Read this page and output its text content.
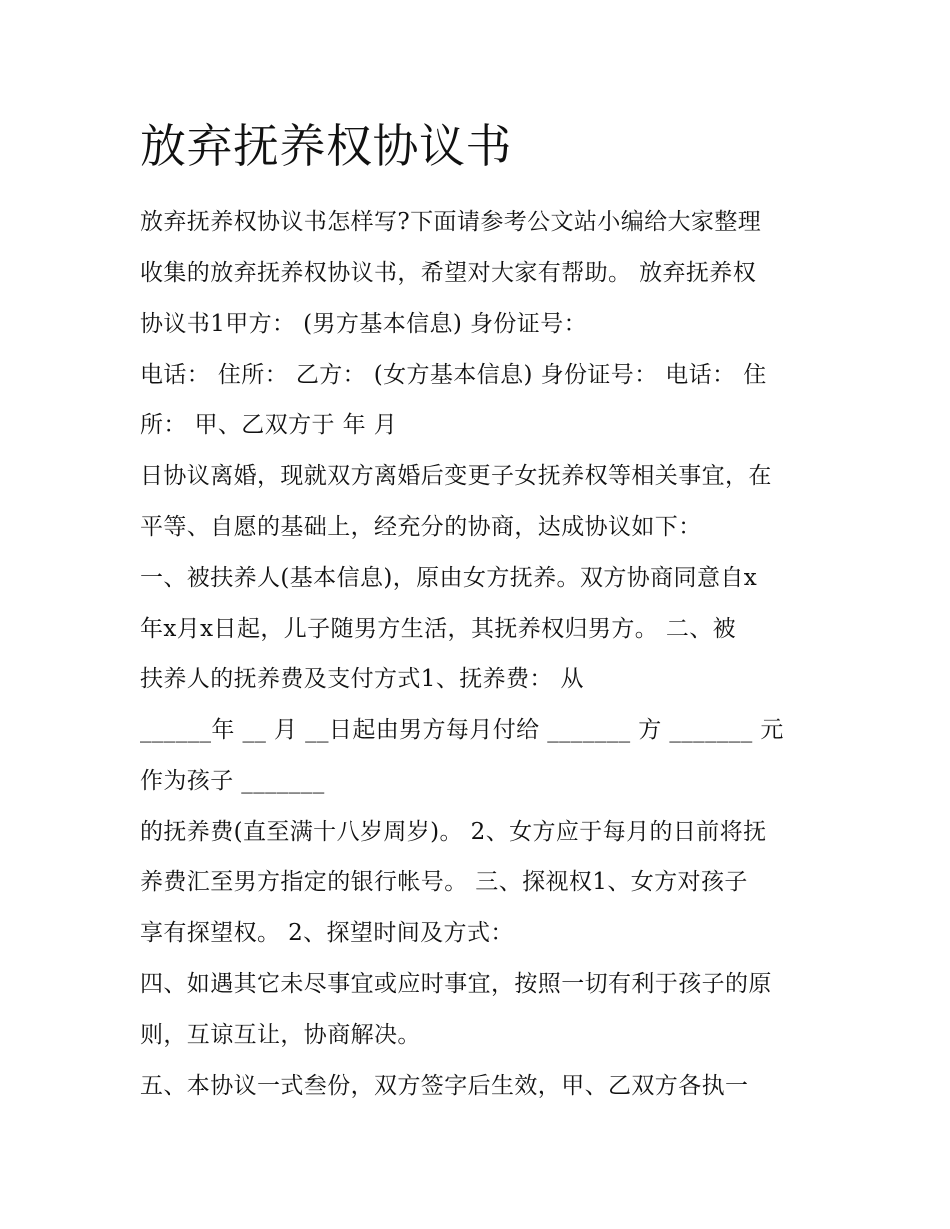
放弃抚养权协议书
放弃抚养权协议书怎样写?下面请参考公文站小编给大家整理
收集的放弃抚养权协议书，希望对大家有帮助。 放弃抚养权
协议书1甲方： (男方基本信息) 身份证号：
电话： 住所： 乙方： (女方基本信息) 身份证号： 电话： 住
所： 甲、乙双方于 年 月
日协议离婚，现就双方离婚后变更子女抚养权等相关事宜，在
平等、自愿的基础上，经充分的协商，达成协议如下：
一、被扶养人(基本信息)，原由女方抚养。双方协商同意自x
年x月x日起，儿子随男方生活，其抚养权归男方。 二、被
扶养人的抚养费及支付方式1、抚养费： 从
______年 __ 月 __日起由男方每月付给 _______ 方 _______ 元
作为孩子 _______
的抚养费(直至满十八岁周岁)。 2、女方应于每月的日前将抚
养费汇至男方指定的银行帐号。 三、探视权1、女方对孩子
享有探望权。 2、探望时间及方式：
四、如遇其它未尽事宜或应时事宜，按照一切有利于孩子的原
则，互谅互让，协商解决。
五、本协议一式叁份，双方签字后生效，甲、乙双方各执一
